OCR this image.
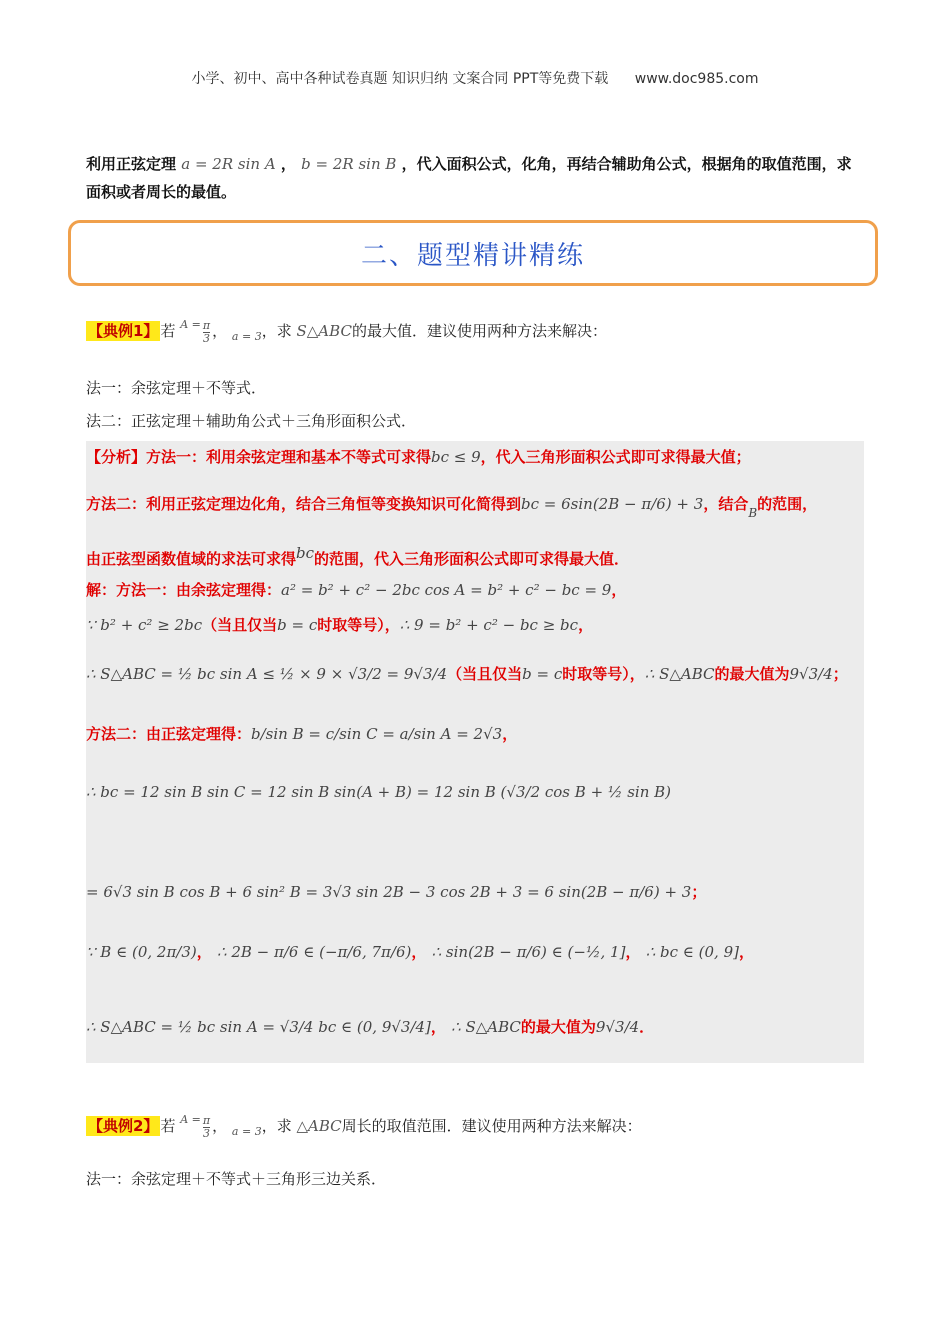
小学、初中、高中各种试卷真题 知识归纳 文案合同 PPT等免费下载 www.doc985.com
利用正弦定理 a = 2R sin A ， b = 2R sin B ，代入面积公式，化角，再结合辅助角公式，根据角的取值范围，求面积或者周长的最值。
二、题型精讲精练
【典例1】 若 $^{A =} \frac{\pi}{3}$ ， $_{a = 3}$，求 S△ABC的最大值．建议使用两种方法来解决：
法一：余弦定理＋不等式．
法二：正弦定理＋辅助角公式＋三角形面积公式．
【分析】方法一：利用余弦定理和基本不等式可求得bc ≤ 9，代入三角形面积公式即可求得最大值；
方法二：利用正弦定理边化角，结合三角恒等变换知识可化简得到bc = 6sin(2B − π/6) + 3，结合$_B$的范围，
由正弦型函数值域的求法可求得bc的范围，代入三角形面积公式即可求得最大值．
解：方法一：由余弦定理得：a² = b² + c² − 2bc cos A = b² + c² − bc = 9，
∵ b² + c² ≥ 2bc（当且仅当b = c时取等号），∴ 9 = b² + c² − bc ≥ bc，
∴ S△ABC = ½ bc sin A ≤ ½ × 9 × √3/2 = 9√3/4（当且仅当b = c时取等号），∴ S△ABC的最大值为9√3/4；
方法二：由正弦定理得：b/sin B = c/sin C = a/sin A = 2√3，
∴ bc = 12 sin B sin C = 12 sin B sin(A + B) = 12 sin B (√3/2 cos B + ½ sin B)
= 6√3 sin B cos B + 6 sin² B = 3√3 sin 2B − 3 cos 2B + 3 = 6 sin(2B − π/6) + 3；
∵ B ∈ (0, 2π/3)， ∴ 2B − π/6 ∈ (−π/6, 7π/6)， ∴ sin(2B − π/6) ∈ (−½, 1]， ∴ bc ∈ (0, 9]，
∴ S△ABC = ½ bc sin A = √3/4 bc ∈ (0, 9√3/4]， ∴ S△ABC的最大值为9√3/4．
【典例2】 若 $^{A =} \frac{\pi}{3}$ ， $_{a = 3}$，求 △ABC周长的取值范围．建议使用两种方法来解决：
法一：余弦定理＋不等式＋三角形三边关系．
